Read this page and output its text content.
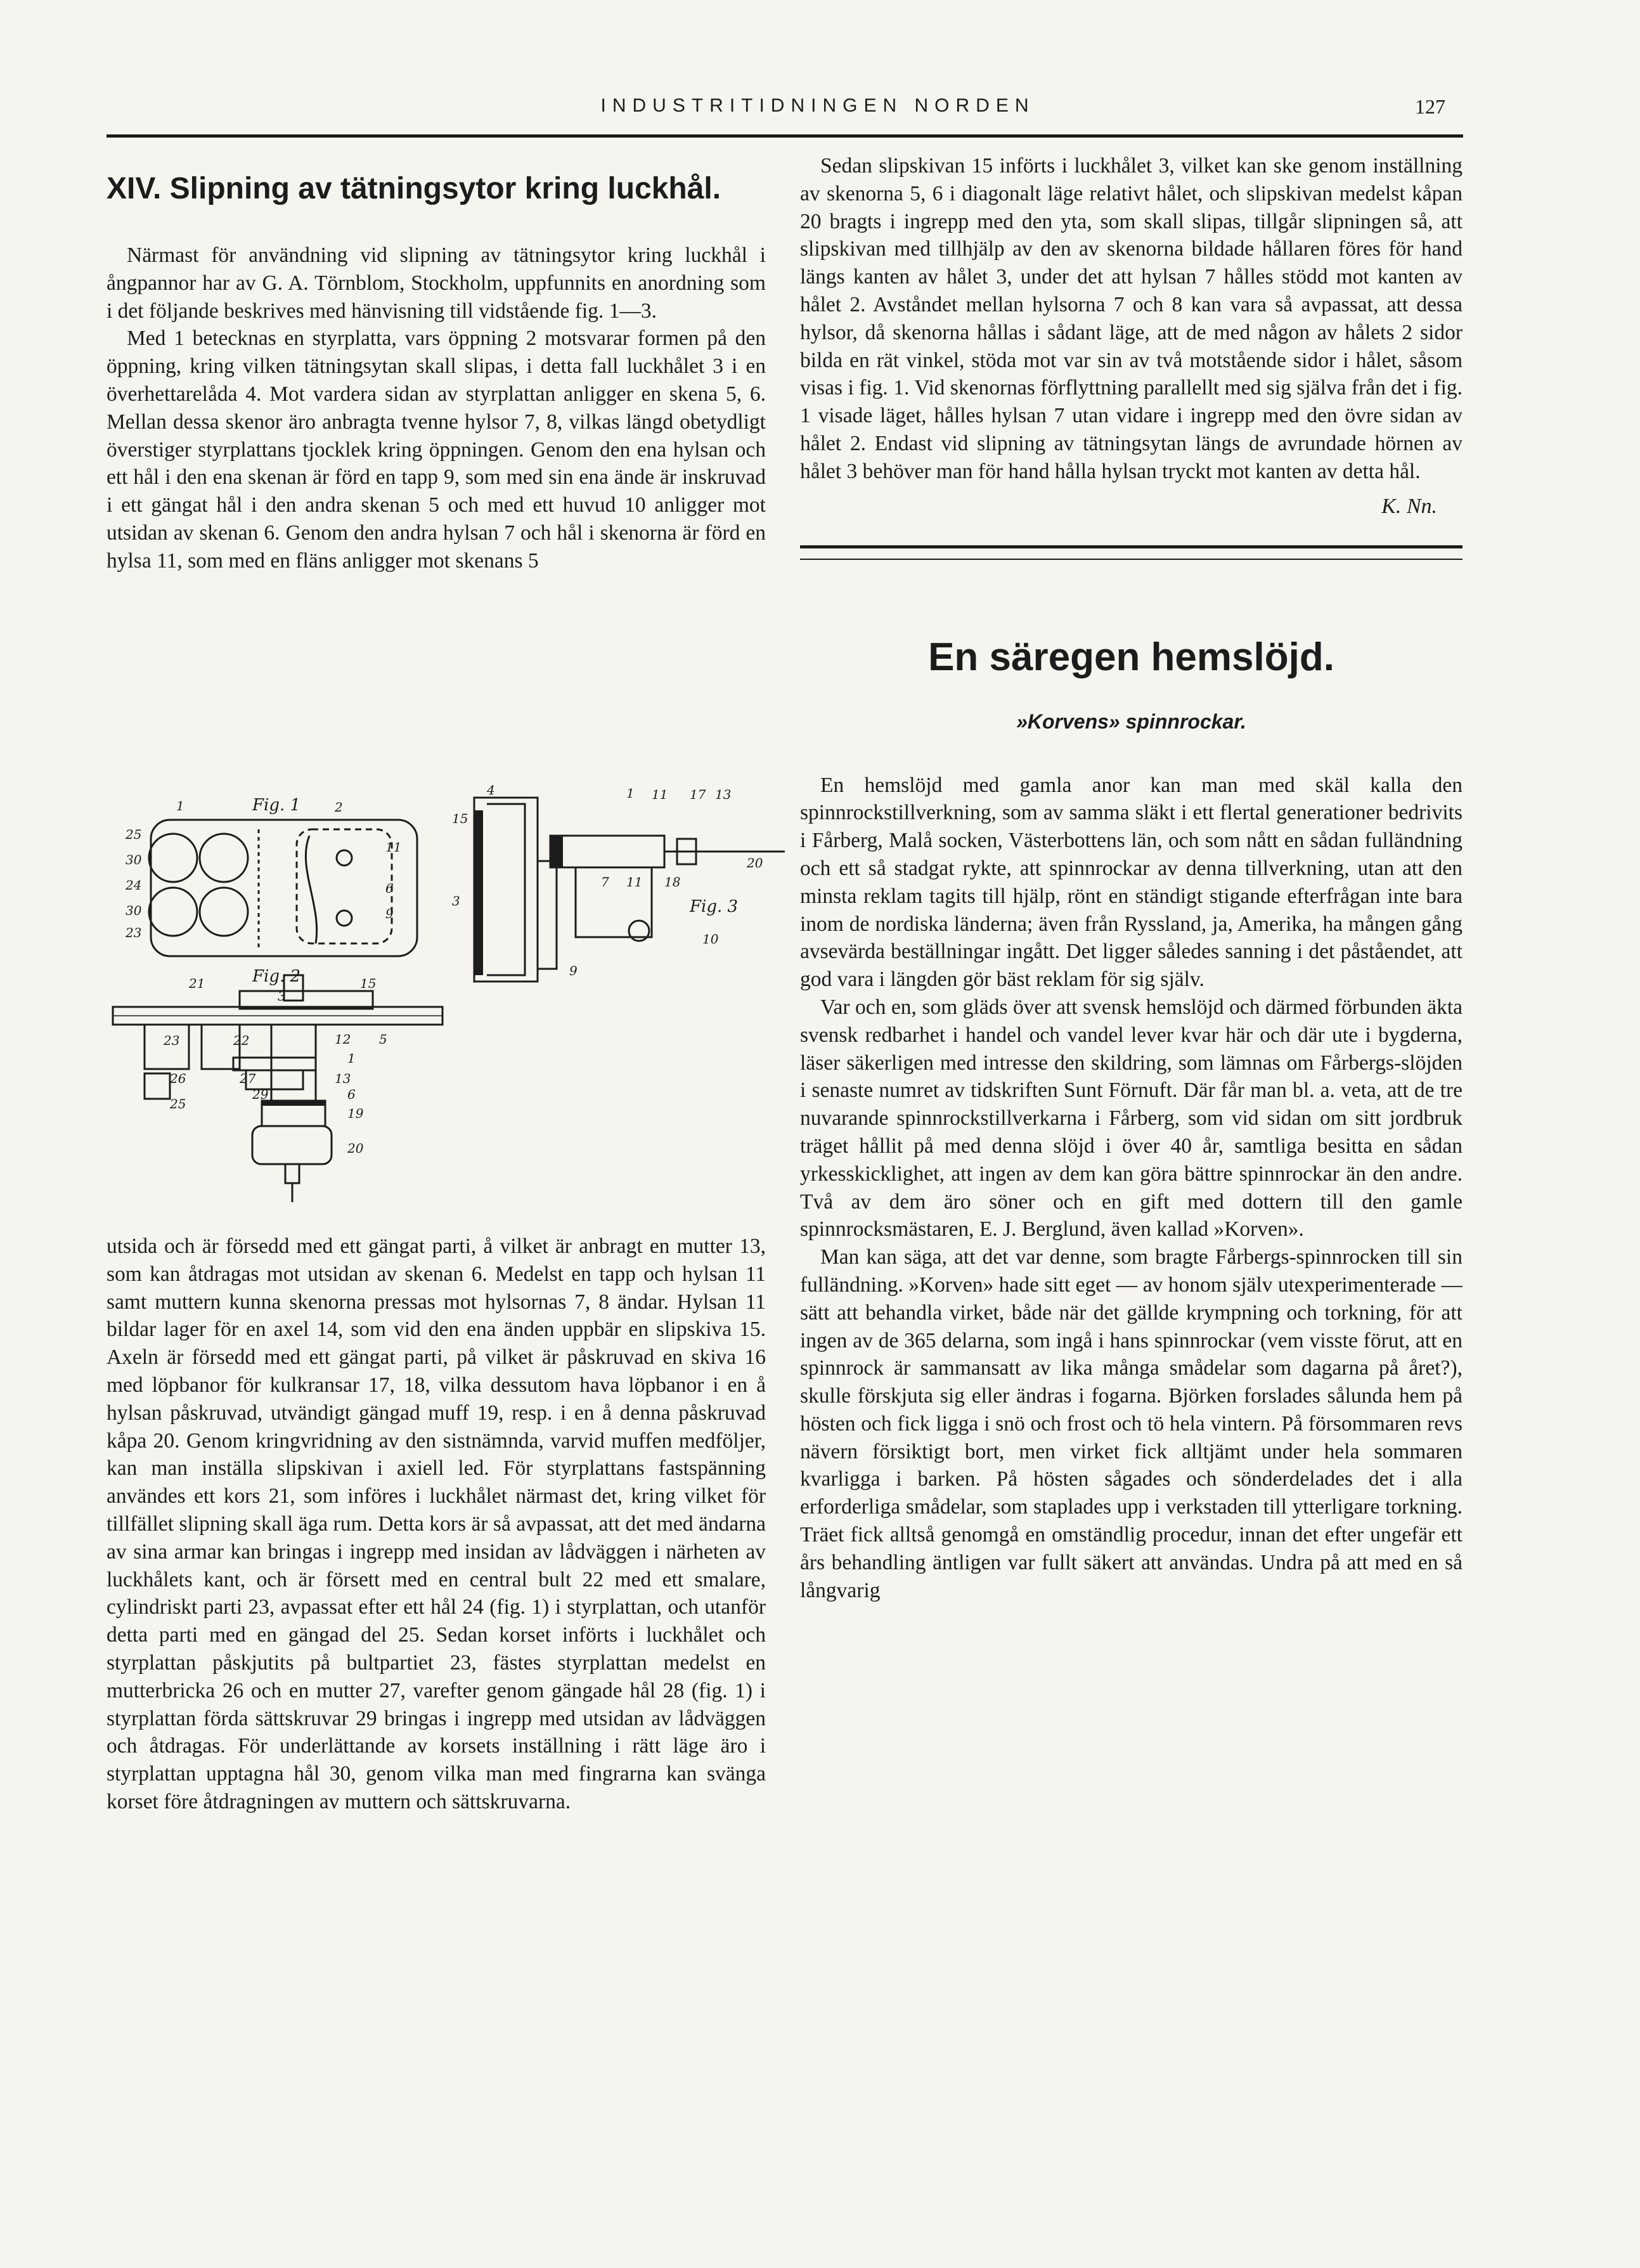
INDUSTRITIDNINGEN NORDEN	127
XIV. Slipning av tätningsytor kring luckhål.

Närmast för användning vid slipning av tätningsytor kring luckhål i ångpannor har av G. A. Törnblom, Stockholm, uppfunnits en anordning som i det följande beskrives med hänvisning till vidstående fig. 1—3.

Med 1 betecknas en styrplatta, vars öppning 2 motsvarar formen på den öppning, kring vilken tätningsytan skall slipas, i detta fall luckhålet 3 i en överhettarelåda 4. Mot vardera sidan av styrplattan anligger en skena 5, 6. Mellan dessa skenor äro anbragta tvenne hylsor 7, 8, vilkas längd obetydligt överstiger styrplattans tjocklek kring öppningen. Genom den ena hylsan och ett hål i den ena skenan är förd en tapp 9, som med sin ena ände är inskruvad i ett gängat hål i den andra skenan 5 och med ett huvud 10 anligger mot utsidan av skenan 6. Genom den andra hylsan 7 och hål i skenorna är förd en hylsa 11, som med en fläns anligger mot skenans 5

Fig. 1
Fig. 2
Fig. 3
1	2
25
30
24
30
23
11
6
9
21	15
3
23	22
26
25
27
29
12 5
1
13
6
19
20
4	1 11 17 13
20
15
3
7 11 18
10
9

utsida och är försedd med ett gängat parti, å vilket är anbragt en mutter 13, som kan åtdragas mot utsidan av skenan 6. Medelst en tapp och hylsan 11 samt muttern kunna skenorna pressas mot hylsornas 7, 8 ändar. Hylsan 11 bildar lager för en axel 14, som vid den ena änden uppbär en slipskiva 15. Axeln är försedd med ett gängat parti, på vilket är påskruvad en skiva 16 med löpbanor för kulkransar 17, 18, vilka dessutom hava löpbanor i en å hylsan påskruvad, utvändigt gängad muff 19, resp. i en å denna påskruvad kåpa 20. Genom kringvridning av den sistnämnda, varvid muffen medföljer, kan man inställa slipskivan i axiell led. För styrplattans fastspänning användes ett kors 21, som införes i luckhålet närmast det, kring vilket för tillfället slipning skall äga rum. Detta kors är så avpassat, att det med ändarna av sina armar kan bringas i ingrepp med insidan av lådväggen i närheten av luckhålets kant, och är försett med en central bult 22 med ett smalare, cylindriskt parti 23, avpassat efter ett hål 24 (fig. 1) i styrplattan, och utanför detta parti med en gängad del 25. Sedan korset införts i luckhålet och styrplattan påskjutits på bultpartiet 23, fästes styrplattan medelst en mutterbricka 26 och en mutter 27, varefter genom gängade hål 28 (fig. 1) i styrplattan förda sättskruvar 29 bringas i ingrepp med utsidan av lådväggen och åtdragas. För underlättande av korsets inställning i rätt läge äro i styrplattan upptagna hål 30, genom vilka man med fingrarna kan svänga korset före åtdragningen av muttern och sättskruvarna.

Sedan slipskivan 15 införts i luckhålet 3, vilket kan ske genom inställning av skenorna 5, 6 i diagonalt läge relativt hålet, och slipskivan medelst kåpan 20 bragts i ingrepp med den yta, som skall slipas, tillgår slipningen så, att slipskivan med tillhjälp av den av skenorna bildade hållaren föres för hand längs kanten av hålet 3, under det att hylsan 7 hålles stödd mot kanten av hålet 2. Avståndet mellan hylsorna 7 och 8 kan vara så avpassat, att dessa hylsor, då skenorna hållas i sådant läge, att de med någon av hålets 2 sidor bilda en rät vinkel, stöda mot var sin av två motstående sidor i hålet, såsom visas i fig. 1. Vid skenornas förflyttning parallellt med sig själva från det i fig. 1 visade läget, hålles hylsan 7 utan vidare i ingrepp med den övre sidan av hålet 2. Endast vid slipning av tätningsytan längs de avrundade hörnen av hålet 3 behöver man för hand hålla hylsan tryckt mot kanten av detta hål.

K. Nn.
En säregen hemslöjd.
»Korvens» spinnrockar.

En hemslöjd med gamla anor kan man med skäl kalla den spinnrockstillverkning, som av samma släkt i ett flertal generationer bedrivits i Fårberg, Malå socken, Västerbottens län, och som nått en sådan fulländning och ett så stadgat rykte, att spinnrockar av denna tillverkning, utan att den minsta reklam tagits till hjälp, rönt en ständigt stigande efterfrågan inte bara inom de nordiska länderna; även från Ryssland, ja, Amerika, ha mången gång avsevärda beställningar ingått. Det ligger således sanning i det påståendet, att god vara i längden gör bäst reklam för sig själv.

Var och en, som gläds över att svensk hemslöjd och därmed förbunden äkta svensk redbarhet i handel och vandel lever kvar här och där ute i bygderna, läser säkerligen med intresse den skildring, som lämnas om Fårbergs-slöjden i senaste numret av tidskriften Sunt Förnuft. Där får man bl. a. veta, att de tre nuvarande spinnrockstillverkarna i Fårberg, som vid sidan om sitt jordbruk träget hållit på med denna slöjd i över 40 år, samtliga besitta en sådan yrkesskicklighet, att ingen av dem kan göra bättre spinnrockar än den andre. Två av dem äro söner och en gift med dottern till den gamle spinnrocksmästaren, E. J. Berglund, även kallad »Korven».

Man kan säga, att det var denne, som bragte Fårbergs-spinnrocken till sin fulländning. »Korven» hade sitt eget — av honom själv utexperimenterade — sätt att behandla virket, både när det gällde krympning och torkning, för att ingen av de 365 delarna, som ingå i hans spinnrockar (vem visste förut, att en spinnrock är sammansatt av lika många smådelar som dagarna på året?), skulle förskjuta sig eller ändras i fogarna. Björken forslades sålunda hem på hösten och fick ligga i snö och frost och tö hela vintern. På försommaren revs nävern försiktigt bort, men virket fick alltjämt under hela sommaren kvarligga i barken. På hösten sågades och sönderdelades det i alla erforderliga smådelar, som staplades upp i verkstaden till ytterligare torkning. Träet fick alltså genomgå en omständlig procedur, innan det efter ungefär ett års behandling äntligen var fullt säkert att användas. Undra på att med en så långvarig
